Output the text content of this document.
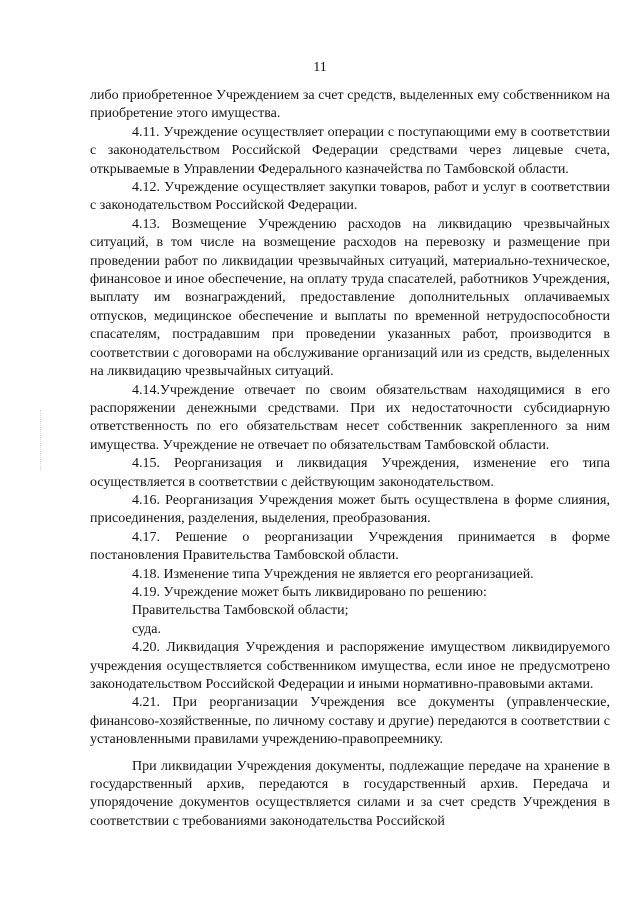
11

либо приобретенное Учреждением за счет средств, выделенных ему собственником на приобретение этого имущества.

4.11. Учреждение осуществляет операции с поступающими ему в соответствии с законодательством Российской Федерации средствами через лицевые счета, открываемые в Управлении Федерального казначейства по Тамбовской области.

4.12. Учреждение осуществляет закупки товаров, работ и услуг в соответствии с законодательством Российской Федерации.

4.13. Возмещение Учреждению расходов на ликвидацию чрезвычайных ситуаций, в том числе на возмещение расходов на перевозку и размещение при проведении работ по ликвидации чрезвычайных ситуаций, материально-техническое, финансовое и иное обеспечение, на оплату труда спасателей, работников Учреждения, выплату им вознаграждений, предоставление дополнительных оплачиваемых отпусков, медицинское обеспечение и выплаты по временной нетрудоспособности спасателям, пострадавшим при проведении указанных работ, производится в соответствии с договорами на обслуживание организаций или из средств, выделенных на ликвидацию чрезвычайных ситуаций.

4.14.Учреждение отвечает по своим обязательствам находящимися в его распоряжении денежными средствами. При их недостаточности субсидиарную ответственность по его обязательствам несет собственник закрепленного за ним имущества. Учреждение не отвечает по обязательствам Тамбовской области.

4.15. Реорганизация и ликвидация Учреждения, изменение его типа осуществляется в соответствии с действующим законодательством.

4.16. Реорганизация Учреждения может быть осуществлена в форме слияния, присоединения, разделения, выделения, преобразования.

4.17. Решение о реорганизации Учреждения принимается в форме постановления Правительства Тамбовской области.

4.18. Изменение типа Учреждения не является его реорганизацией.

4.19. Учреждение может быть ликвидировано по решению:

Правительства Тамбовской области;

суда.

4.20. Ликвидация Учреждения и распоряжение имуществом ликвидируемого учреждения осуществляется собственником имущества, если иное не предусмотрено законодательством Российской Федерации и иными нормативно-правовыми актами.

4.21. При реорганизации Учреждения все документы (управленческие, финансово-хозяйственные, по личному составу и другие) передаются в соответствии с установленными правилами учреждению-правопреемнику.

При ликвидации Учреждения документы, подлежащие передаче на хранение в государственный архив, передаются в государственный архив. Передача и упорядочение документов осуществляется силами и за счет средств Учреждения в соответствии с требованиями законодательства Российской
